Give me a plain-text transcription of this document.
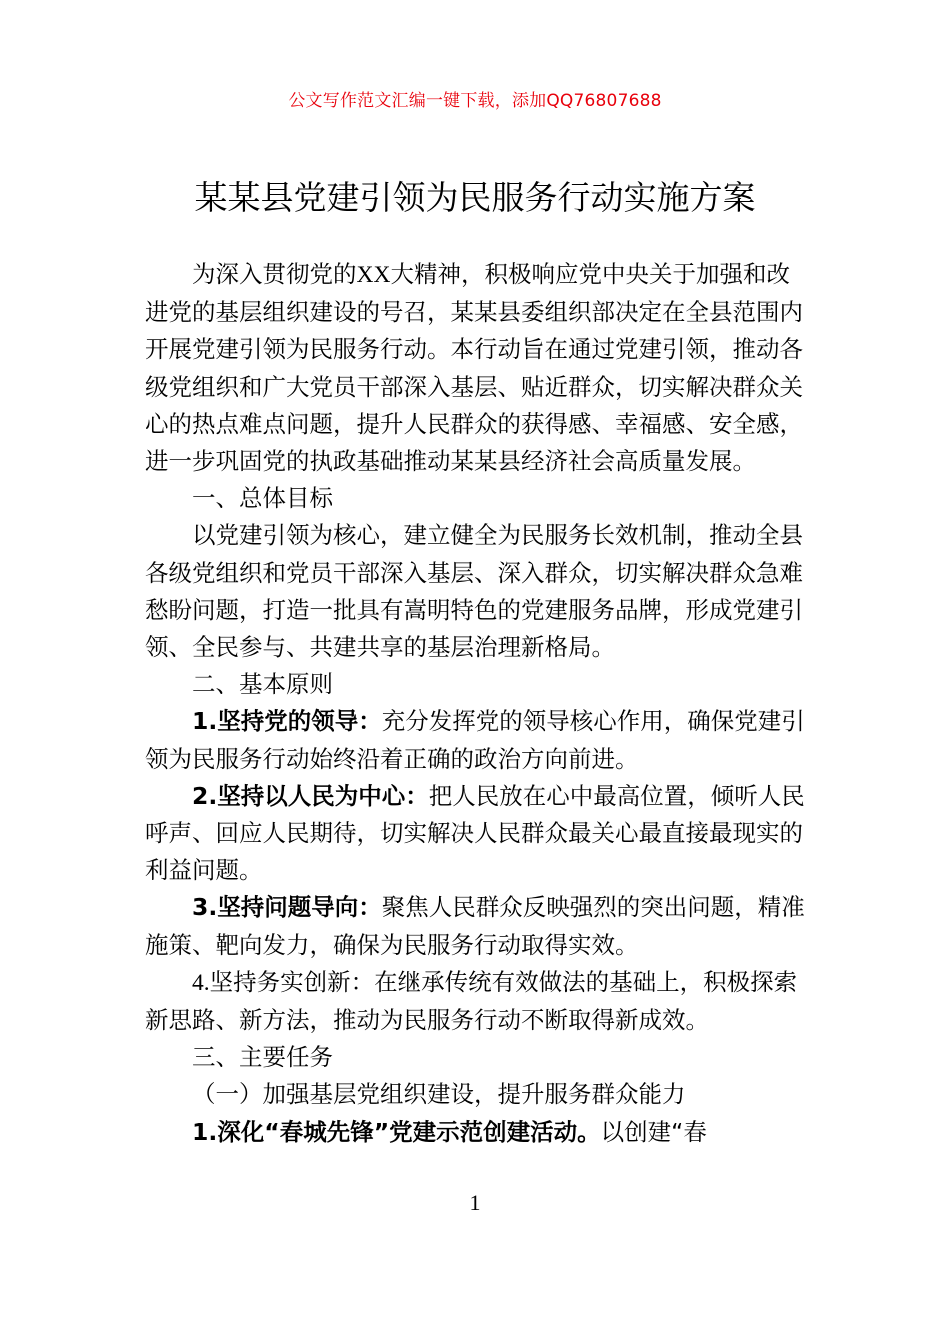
公文写作范文汇编一键下载，添加QQ76807688
某某县党建引领为民服务行动实施方案

为深入贯彻党的XX大精神，积极响应党中央关于加强和改进党的基层组织建设的号召，某某县委组织部决定在全县范围内开展党建引领为民服务行动。本行动旨在通过党建引领，推动各级党组织和广大党员干部深入基层、贴近群众，切实解决群众关心的热点难点问题，提升人民群众的获得感、幸福感、安全感，进一步巩固党的执政基础推动某某县经济社会高质量发展。

一、总体目标

以党建引领为核心，建立健全为民服务长效机制，推动全县各级党组织和党员干部深入基层、深入群众，切实解决群众急难愁盼问题，打造一批具有嵩明特色的党建服务品牌，形成党建引领、全民参与、共建共享的基层治理新格局。

二、基本原则

1.坚持党的领导：充分发挥党的领导核心作用，确保党建引领为民服务行动始终沿着正确的政治方向前进。

2.坚持以人民为中心：把人民放在心中最高位置，倾听人民呼声、回应人民期待，切实解决人民群众最关心最直接最现实的利益问题。

3.坚持问题导向：聚焦人民群众反映强烈的突出问题，精准施策、靶向发力，确保为民服务行动取得实效。

4.坚持务实创新：在继承传统有效做法的基础上，积极探索新思路、新方法，推动为民服务行动不断取得新成效。

三、主要任务

（一）加强基层党组织建设，提升服务群众能力

1.深化“春城先锋”党建示范创建活动。以创建“春

1
